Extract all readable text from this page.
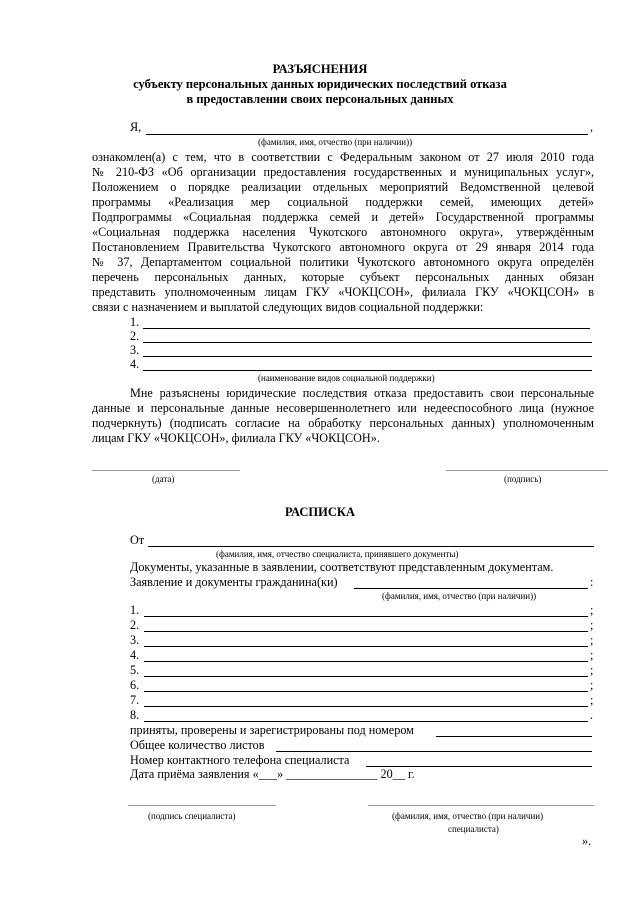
РАЗЪЯСНЕНИЯ
субъекту персональных данных юридических последствий отказа
в предоставлении своих персональных данных
Я,	,
(фамилия, имя, отчество (при наличии))
ознакомлен(а) с тем, что в соответствии с Федеральным законом от 27 июля 2010 года
№ 210-ФЗ «Об организации предоставления государственных и муниципальных услуг»,
Положением о порядке реализации отдельных мероприятий Ведомственной целевой
программы «Реализация мер социальной поддержки семей, имеющих детей»
Подпрограммы «Социальная поддержка семей и детей» Государственной программы
«Социальная поддержка населения Чукотского автономного округа», утверждённым
Постановлением Правительства Чукотского автономного округа от 29 января 2014 года
№ 37, Департаментом социальной политики Чукотского автономного округа определён
перечень персональных данных, которые субъект персональных данных обязан
представить уполномоченным лицам ГКУ «ЧОКЦСОН», филиала ГКУ «ЧОКЦСОН» в
связи с назначением и выплатой следующих видов социальной поддержки:
1.
2.
3.
4.
(наименование видов социальной поддержки)
Мне разъяснены юридические последствия отказа предоставить свои персональные
данные и персональные данные несовершеннолетнего или недееспособного лица (нужное
подчеркнуть) (подписать согласие на обработку персональных данных) уполномоченным
лицам ГКУ «ЧОКЦСОН», филиала ГКУ «ЧОКЦСОН».
(дата)	(подпись)
РАСПИСКА
От
(фамилия, имя, отчество специалиста, принявшего документы)
Документы, указанные в заявлении, соответствуют представленным документам.
Заявление и документы гражданина(ки)	:
(фамилия, имя, отчество (при наличии))
1.	;
2.	;
3.	;
4.	;
5.	;
6.	;
7.	;
8.	.
приняты, проверены и зарегистрированы под номером
Общее количество листов
Номер контактного телефона специалиста
Дата приёма заявления «___» _______________ 20__ г.
(подпись специалиста)	(фамилия, имя, отчество (при наличии)
специалиста)
».
